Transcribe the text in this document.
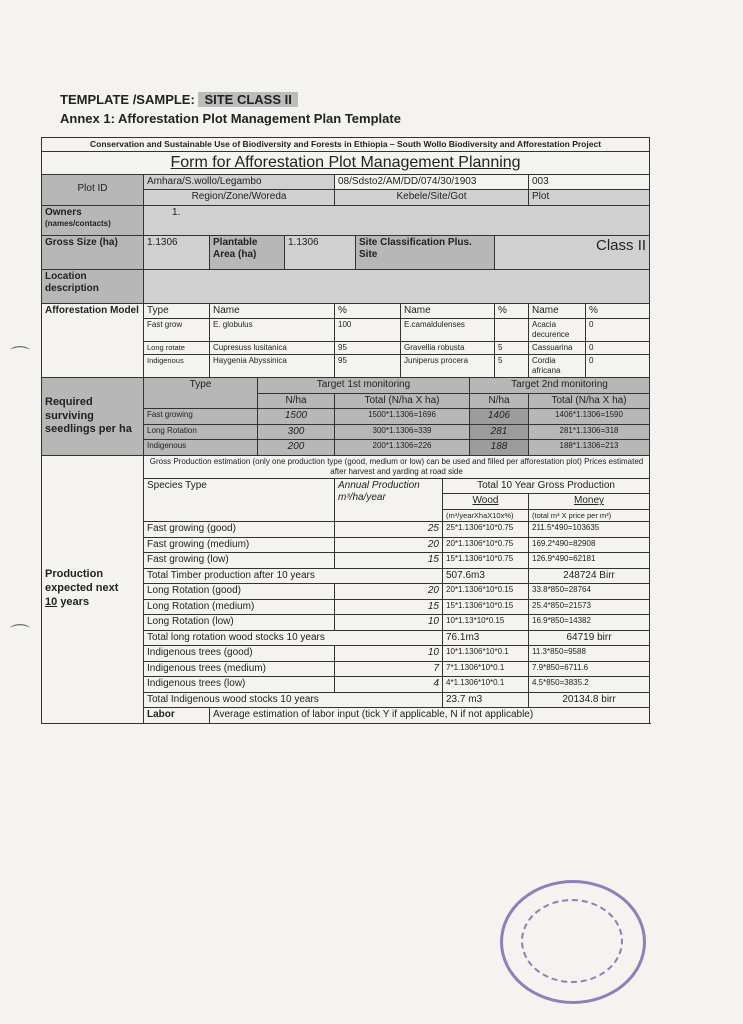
TEMPLATE /SAMPLE: SITE CLASS II
Annex 1: Afforestation Plot Management Plan Template
Conservation and Sustainable Use of Biodiversity and Forests in Ethiopia – South Wollo Biodiversity and Afforestation Project												
Form for Afforestation Plot Management Planning												
Plot ID	Amhara/S.wollo/Legambo				08/Sdsto2/AM/DD/074/30/1903						003	
	Region/Zone/Woreda				Kebele/Site/Got						Plot	

Owners
(names/contacts)	1.											
Gross Size (ha)	1.1306	Plantable Area (ha)		1.1306		Site Classification Plus. Site				Class II		
Location description												
Afforestation Model	Type	Name			%		Name			%	Name	%
	Fast grow	E. globulus			100		E.camaldulenses				Acacia decurence	0
	Long rotate	Cupresuss lusitanica			95		Gravellia robusta			5	Cassuarina	0
	Indigenous	Haygenia Abyssinica			95		Juniperus procera			5	Cordia africana	0
Required surviving seedlings per ha	Type		Target 1st monitoring						Target 2nd monitoring			
			N/ha		Total (N/ha X ha)				N/ha		Total (N/ha X ha)	
	Fast growing		1500		1500*1.1306=1696				1406		1406*1.1306=1590	
	Long Rotation		300		300*1.1306=339				281		281*1.1306=318	
	Indigenous		200		200*1.1306=226				188		188*1.1306=213	

Production
expected next
10 years	Gross Production estimation (only one production type (good, medium or low) can be used and filled per afforestation plot) Prices estimated after harvest and yarding at road side											
	Species Type				Annual Production m³/ha/year			Total 10 Year Gross Production				
								Wood			Money	
								(m³/yearXhaX10x%)			(total m³ X price per m³)	
	Fast growing (good)				25			25*1.1306*10*0.75			211.5*490=103635	
	Fast growing (medium)				20			20*1.1306*10*0.75			169.2*490=82908	
	Fast growing (low)				15			15*1.1306*10*0.75			126.9*490=62181	
	Total Timber production after 10 years							507.6m3			248724 Birr	
	Long Rotation (good)				20			20*1.1306*10*0.15			33.8*850=28764	
	Long Rotation (medium)				15			15*1.1306*10*0.15			25.4*850=21573	
	Long Rotation (low)				10			10*1.13*10*0.15			16.9*850=14382	
	Total long rotation wood stocks 10 years							76.1m3			64719 birr	
	Indigenous trees (good)				10			10*1.1306*10*0.1			11.3*850=9588	
	Indigenous trees (medium)				7			7*1.1306*10*0.1			7.9*850=6711.6	
	Indigenous trees (low)				4			4*1.1306*10*0.1			4.5*850=3835.2	
	Total Indigenous wood stocks 10 years							23.7 m3			20134.8 birr	
	Labor	Average estimation of labor input (tick Y if applicable, N if not applicable)										
⌒
⌒
